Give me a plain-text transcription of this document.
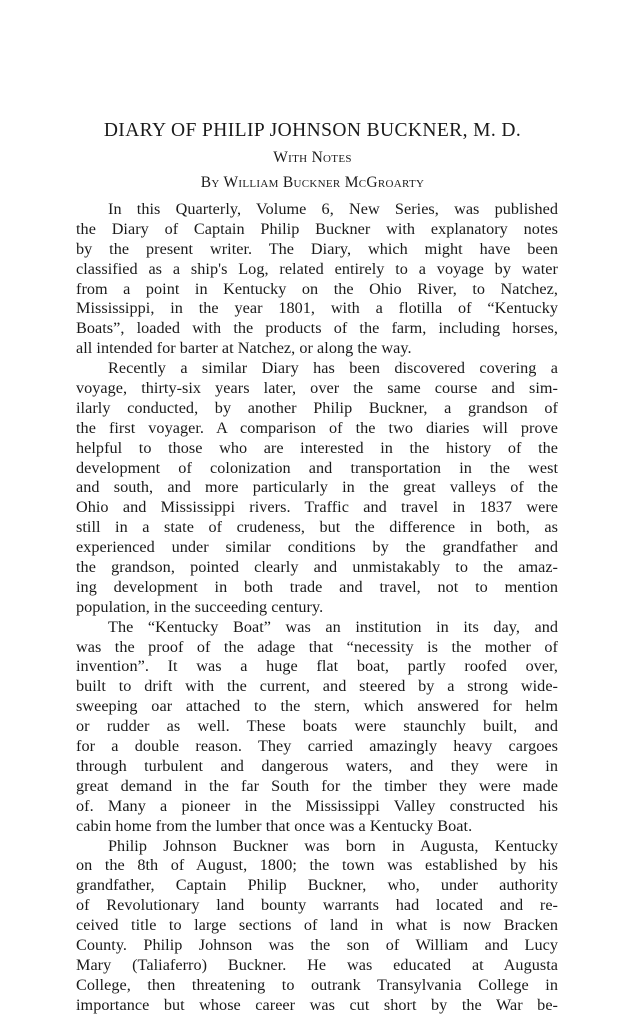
DIARY OF PHILIP JOHNSON BUCKNER, M. D.
With Notes
By William Buckner McGroarty
In this Quarterly, Volume 6, New Series, was published
the Diary of Captain Philip Buckner with explanatory notes
by the present writer. The Diary, which might have been
classified as a ship's Log, related entirely to a voyage by water
from a point in Kentucky on the Ohio River, to Natchez,
Mississippi, in the year 1801, with a flotilla of “Kentucky
Boats”, loaded with the products of the farm, including horses,
all intended for barter at Natchez, or along the way.
Recently a similar Diary has been discovered covering a
voyage, thirty-six years later, over the same course and sim-
ilarly conducted, by another Philip Buckner, a grandson of
the first voyager. A comparison of the two diaries will prove
helpful to those who are interested in the history of the
development of colonization and transportation in the west
and south, and more particularly in the great valleys of the
Ohio and Mississippi rivers. Traffic and travel in 1837 were
still in a state of crudeness, but the difference in both, as
experienced under similar conditions by the grandfather and
the grandson, pointed clearly and unmistakably to the amaz-
ing development in both trade and travel, not to mention
population, in the succeeding century.
The “Kentucky Boat” was an institution in its day, and
was the proof of the adage that “necessity is the mother of
invention”. It was a huge flat boat, partly roofed over,
built to drift with the current, and steered by a strong wide-
sweeping oar attached to the stern, which answered for helm
or rudder as well. These boats were staunchly built, and
for a double reason. They carried amazingly heavy cargoes
through turbulent and dangerous waters, and they were in
great demand in the far South for the timber they were made
of. Many a pioneer in the Mississippi Valley constructed his
cabin home from the lumber that once was a Kentucky Boat.
Philip Johnson Buckner was born in Augusta, Kentucky
on the 8th of August, 1800; the town was established by his
grandfather, Captain Philip Buckner, who, under authority
of Revolutionary land bounty warrants had located and re-
ceived title to large sections of land in what is now Bracken
County. Philip Johnson was the son of William and Lucy
Mary (Taliaferro) Buckner. He was educated at Augusta
College, then threatening to outrank Transylvania College in
importance but whose career was cut short by the War be-
